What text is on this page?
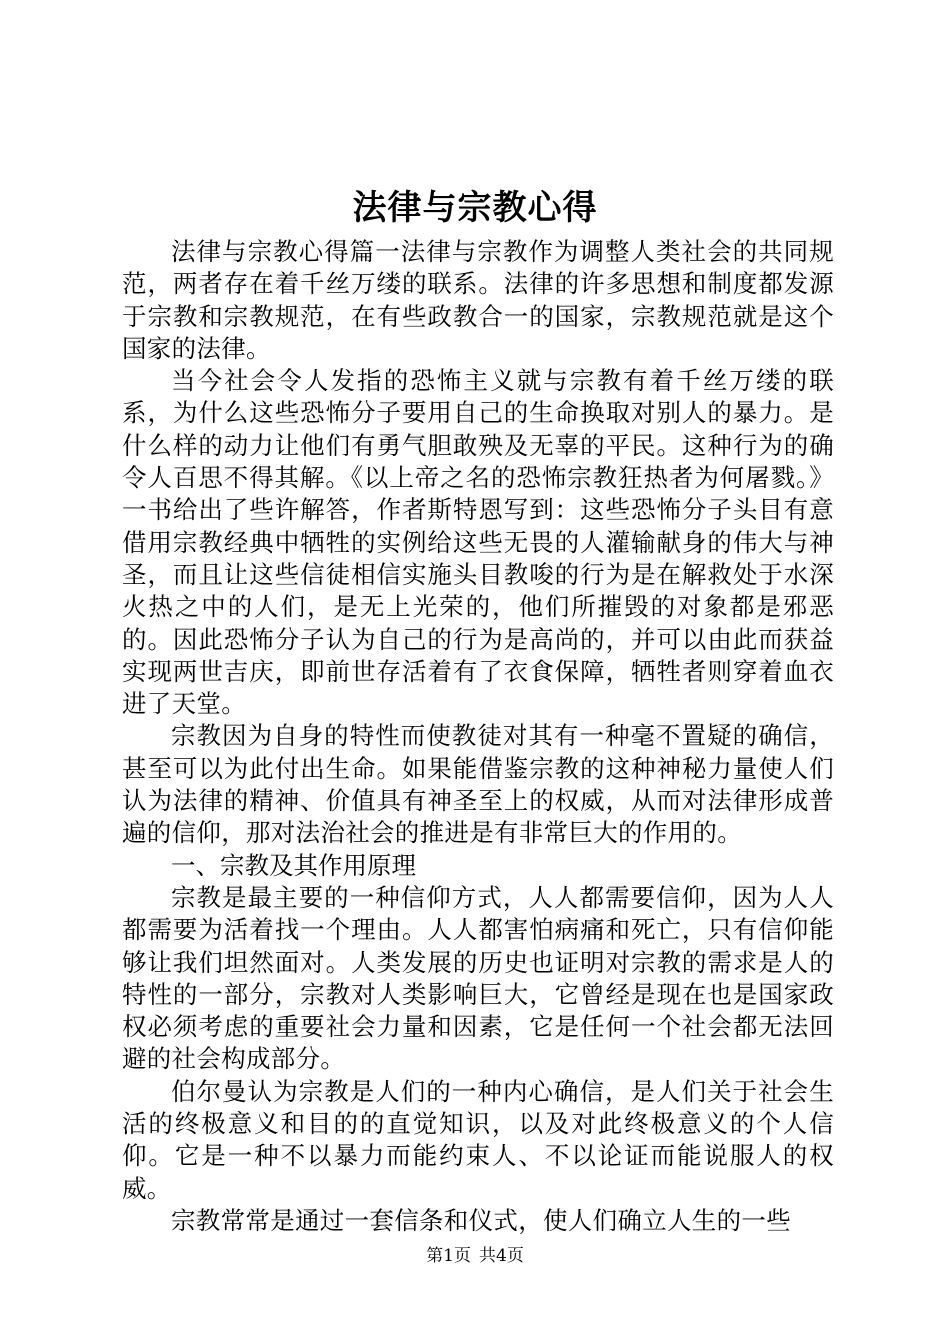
法律与宗教心得

法律与宗教心得篇一法律与宗教作为调整人类社会的共同规范，两者存在着千丝万缕的联系。法律的许多思想和制度都发源于宗教和宗教规范，在有些政教合一的国家，宗教规范就是这个国家的法律。

当今社会令人发指的恐怖主义就与宗教有着千丝万缕的联系，为什么这些恐怖分子要用自己的生命换取对别人的暴力。是什么样的动力让他们有勇气胆敢殃及无辜的平民。这种行为的确令人百思不得其解。《以上帝之名的恐怖宗教狂热者为何屠戮。》一书给出了些许解答，作者斯特恩写到：这些恐怖分子头目有意借用宗教经典中牺牲的实例给这些无畏的人灌输献身的伟大与神圣，而且让这些信徒相信实施头目教唆的行为是在解救处于水深火热之中的人们，是无上光荣的，他们所摧毁的对象都是邪恶的。因此恐怖分子认为自己的行为是高尚的，并可以由此而获益实现两世吉庆，即前世存活着有了衣食保障，牺牲者则穿着血衣进了天堂。

宗教因为自身的特性而使教徒对其有一种毫不置疑的确信，甚至可以为此付出生命。如果能借鉴宗教的这种神秘力量使人们认为法律的精神、价值具有神圣至上的权威，从而对法律形成普遍的信仰，那对法治社会的推进是有非常巨大的作用的。

一、宗教及其作用原理

宗教是最主要的一种信仰方式，人人都需要信仰，因为人人都需要为活着找一个理由。人人都害怕病痛和死亡，只有信仰能够让我们坦然面对。人类发展的历史也证明对宗教的需求是人的特性的一部分，宗教对人类影响巨大，它曾经是现在也是国家政权必须考虑的重要社会力量和因素，它是任何一个社会都无法回避的社会构成部分。

伯尔曼认为宗教是人们的一种内心确信，是人们关于社会生活的终极意义和目的的直觉知识，以及对此终极意义的个人信仰。它是一种不以暴力而能约束人、不以论证而能说服人的权威。

宗教常常是通过一套信条和仪式，使人们确立人生的一些

第1页 共4页
